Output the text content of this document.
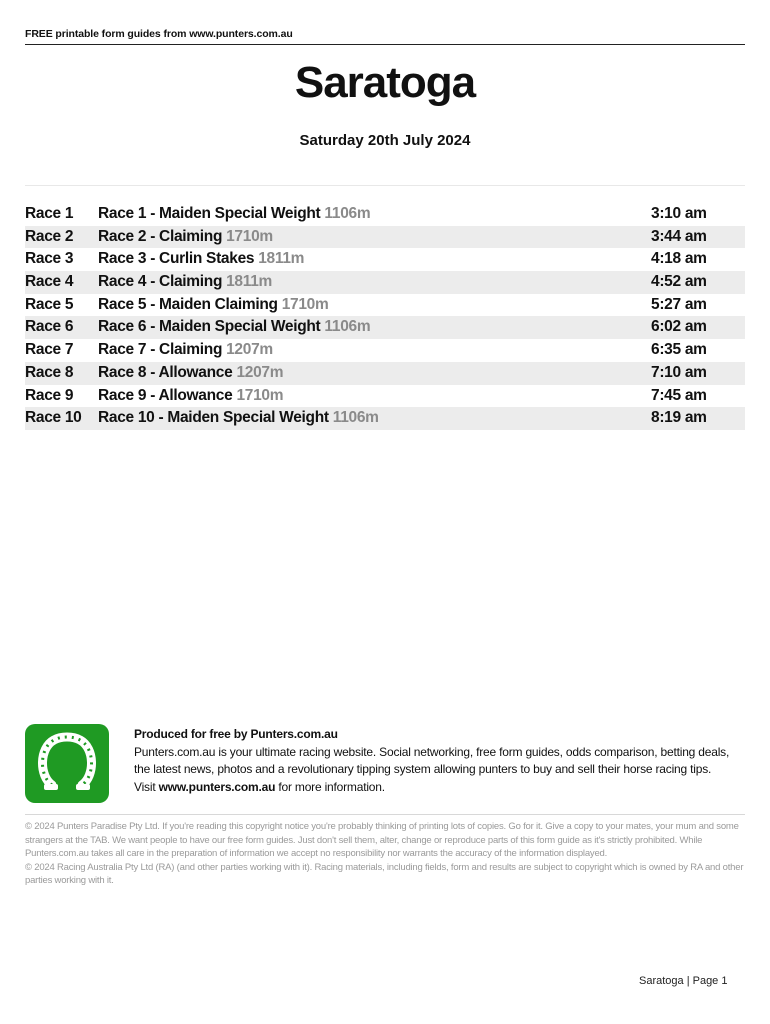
FREE printable form guides from www.punters.com.au
Saratoga
Saturday 20th July 2024
Race 1 Race 1 - Maiden Special Weight 1106m	3:10 am
Race 2 Race 2 - Claiming 1710m	3:44 am
Race 3 Race 3 - Curlin Stakes 1811m	4:18 am
Race 4 Race 4 - Claiming 1811m	4:52 am
Race 5 Race 5 - Maiden Claiming 1710m	5:27 am
Race 6 Race 6 - Maiden Special Weight 1106m	6:02 am
Race 7 Race 7 - Claiming 1207m	6:35 am
Race 8 Race 8 - Allowance 1207m	7:10 am
Race 9 Race 9 - Allowance 1710m	7:45 am
Race 10 Race 10 - Maiden Special Weight 1106m	8:19 am
Produced for free by Punters.com.au
Punters.com.au is your ultimate racing website. Social networking, free form guides, odds comparison, betting deals, the latest news, photos and a revolutionary tipping system allowing punters to buy and sell their horse racing tips.
Visit www.punters.com.au for more information.

© 2024 Punters Paradise Pty Ltd. If you're reading this copyright notice you're probably thinking of printing lots of copies. Go for it. Give a copy to your mates, your mum and some strangers at the TAB. We want people to have our free form guides. Just don't sell them, alter, change or reproduce parts of this form guide as it's strictly prohibited. While Punters.com.au takes all care in the preparation of information we accept no responsibility nor warrants the accuracy of the information displayed.

© 2024 Racing Australia Pty Ltd (RA) (and other parties working with it). Racing materials, including fields, form and results are subject to copyright which is owned by RA and other parties working with it.

Saratoga | Page 1
